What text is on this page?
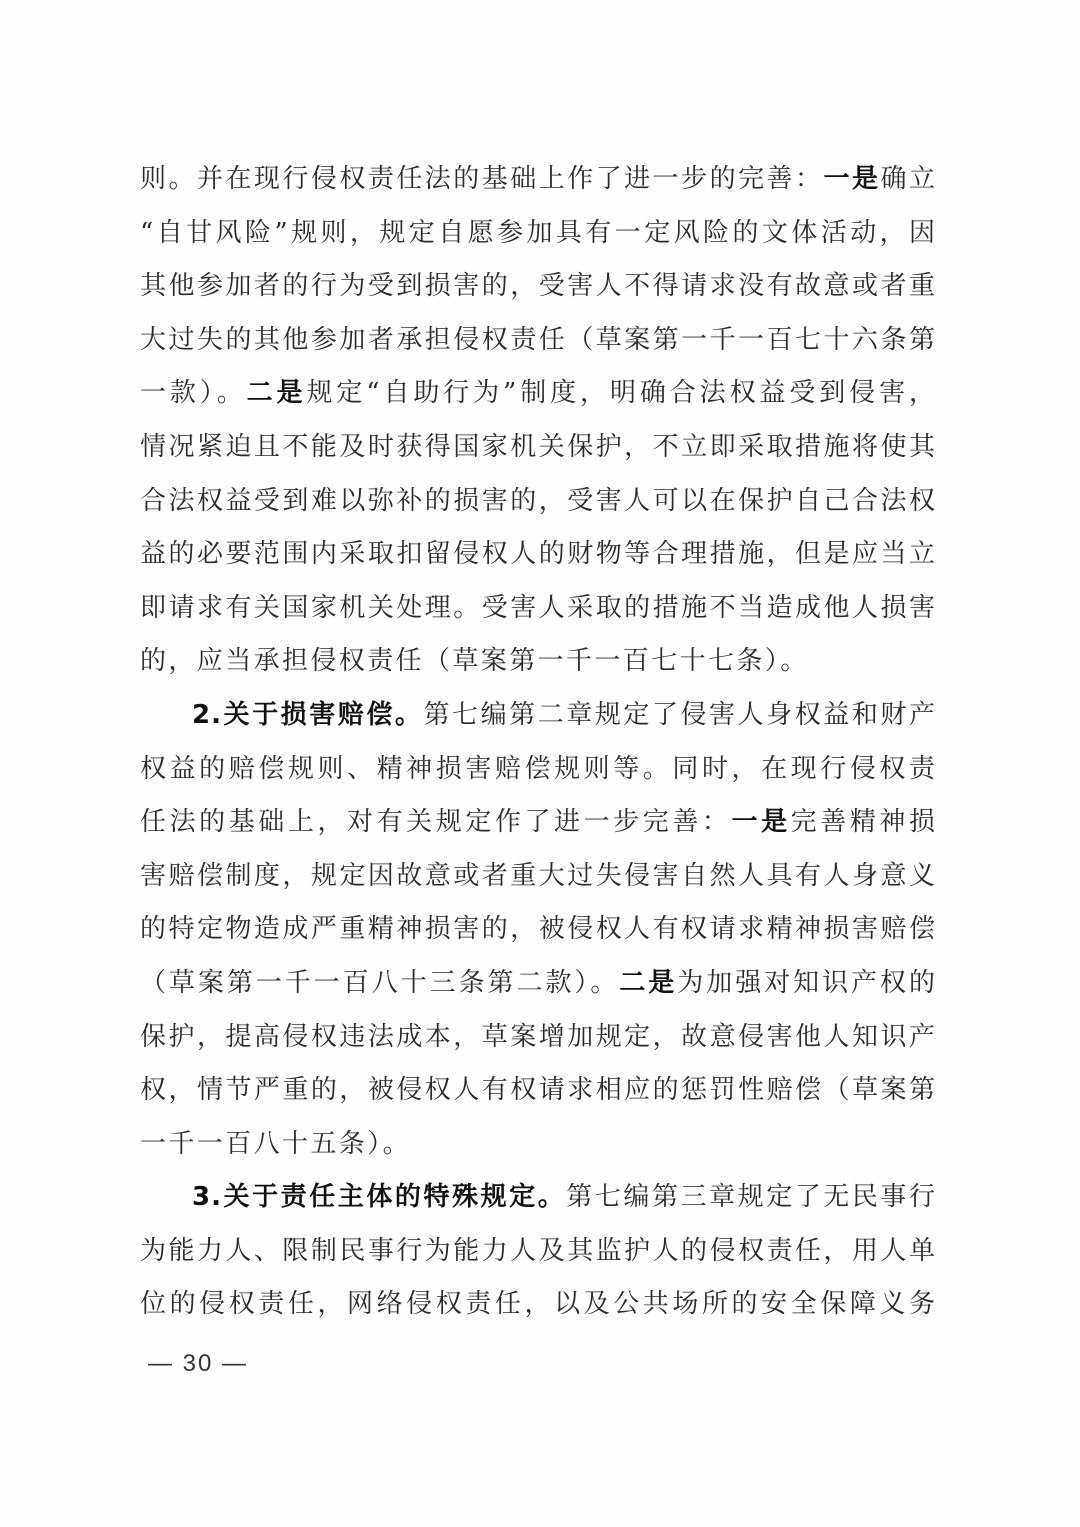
则。并在现行侵权责任法的基础上作了进一步的完善：一是确立
“自甘风险”规则，规定自愿参加具有一定风险的文体活动，因
其他参加者的行为受到损害的，受害人不得请求没有故意或者重
大过失的其他参加者承担侵权责任（草案第一千一百七十六条第
一款）。二是规定“自助行为”制度，明确合法权益受到侵害，
情况紧迫且不能及时获得国家机关保护，不立即采取措施将使其
合法权益受到难以弥补的损害的，受害人可以在保护自己合法权
益的必要范围内采取扣留侵权人的财物等合理措施，但是应当立
即请求有关国家机关处理。受害人采取的措施不当造成他人损害
的，应当承担侵权责任（草案第一千一百七十七条）。
2.关于损害赔偿。第七编第二章规定了侵害人身权益和财产
权益的赔偿规则、精神损害赔偿规则等。同时，在现行侵权责
任法的基础上，对有关规定作了进一步完善：一是完善精神损
害赔偿制度，规定因故意或者重大过失侵害自然人具有人身意义
的特定物造成严重精神损害的，被侵权人有权请求精神损害赔偿
（草案第一千一百八十三条第二款）。二是为加强对知识产权的
保护，提高侵权违法成本，草案增加规定，故意侵害他人知识产
权，情节严重的，被侵权人有权请求相应的惩罚性赔偿（草案第
一千一百八十五条）。
3.关于责任主体的特殊规定。第七编第三章规定了无民事行
为能力人、限制民事行为能力人及其监护人的侵权责任，用人单
位的侵权责任，网络侵权责任，以及公共场所的安全保障义务
— 30 —
